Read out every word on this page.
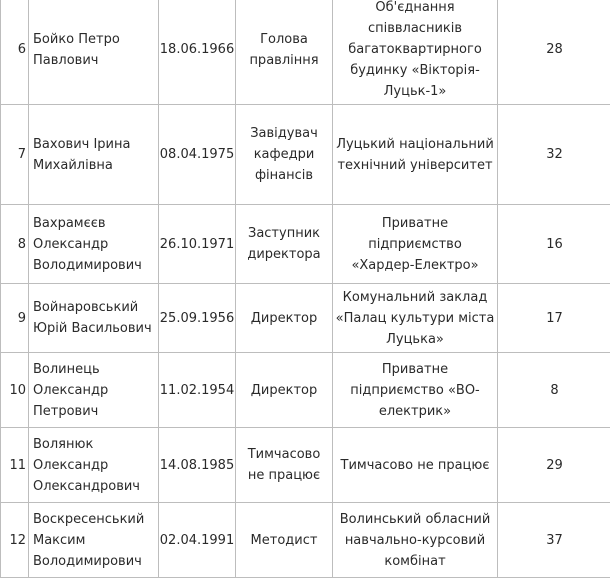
6	Бойко Петро Павлович	18.06.1966	Голова правління	Об'єднання співвласників багатоквартирного будинку «Вікторія-Луцьк-1»	28

7	Вахович Ірина Михайлівна	08.04.1975	Завідувач кафедри фінансів	Луцький національний технічний університет	32

8	Вахрамєєв Олександр Володимирович	26.10.1971	Заступник директора	Приватне підприємство «Хардер-Електро»	16

9	Войнаровський Юрій Васильович	25.09.1956	Директор	Комунальний заклад «Палац культури міста Луцька»	17

10	Волинець Олександр Петрович	11.02.1954	Директор	Приватне підприємство «ВО-електрик»	8

11	Волянюк Олександр Олександрович	14.08.1985	Тимчасово не працює	Тимчасово не працює	29

12	Воскресенський Максим Володимирович	02.04.1991	Методист	Волинський обласний навчально-курсовий комбінат	37
